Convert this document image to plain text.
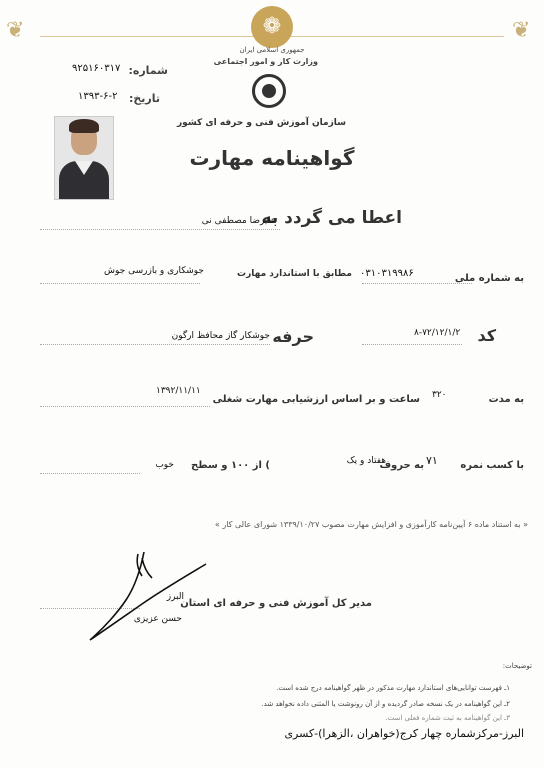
❦	❦
❁
جمهوری اسلامی ایران
وزارت کار و امور اجتماعی
سازمان آموزش فنی و حرفه ای کشور
گواهینامه مهارت
شماره:
۹۲۵۱۶۰۳۱۷
تاریخ:
۱۳۹۳-۶-۲
اعطا می گردد به
علیرضا مصطفی نی
به شماره ملی
۰۳۱۰۳۱۹۹۸۶
مطابق با استاندارد مهارت
جوشکاری و بازرسی جوش
کد
۸-۷۲/۱۲/۱/۲
حرفه
جوشکار گاز محافظ ارگون
به مدت
۳۲۰
ساعت و بر اساس ارزشیابی مهارت شغلی
۱۳۹۲/۱۱/۱۱
با کسب نمره
۷۱
به حروف
هفتاد و یک
) از ۱۰۰ و سطح
خوب
« به استناد ماده ۶ آیین‌نامه کارآموزی و افزایش مهارت مصوب ۱۳۳۹/۱۰/۲۷ شورای عالی کار »
مدیر کل آموزش فنی و حرفه ای استان
البرز
حسن عزیزی
توضیحات:
۱ـ فهرست توانایی‌های استاندارد مهارت مذکور در ظهر گواهینامه درج شده است.
۲ـ این گواهینامه در یک نسخه صادر گردیده و از آن رونوشت یا المثنی داده نخواهد شد.
۳ـ این گواهینامه به ثبت شماره فعلی است.
البرز-مرکزشماره چهار کرج(خواهران ،الزهرا)-کسری
